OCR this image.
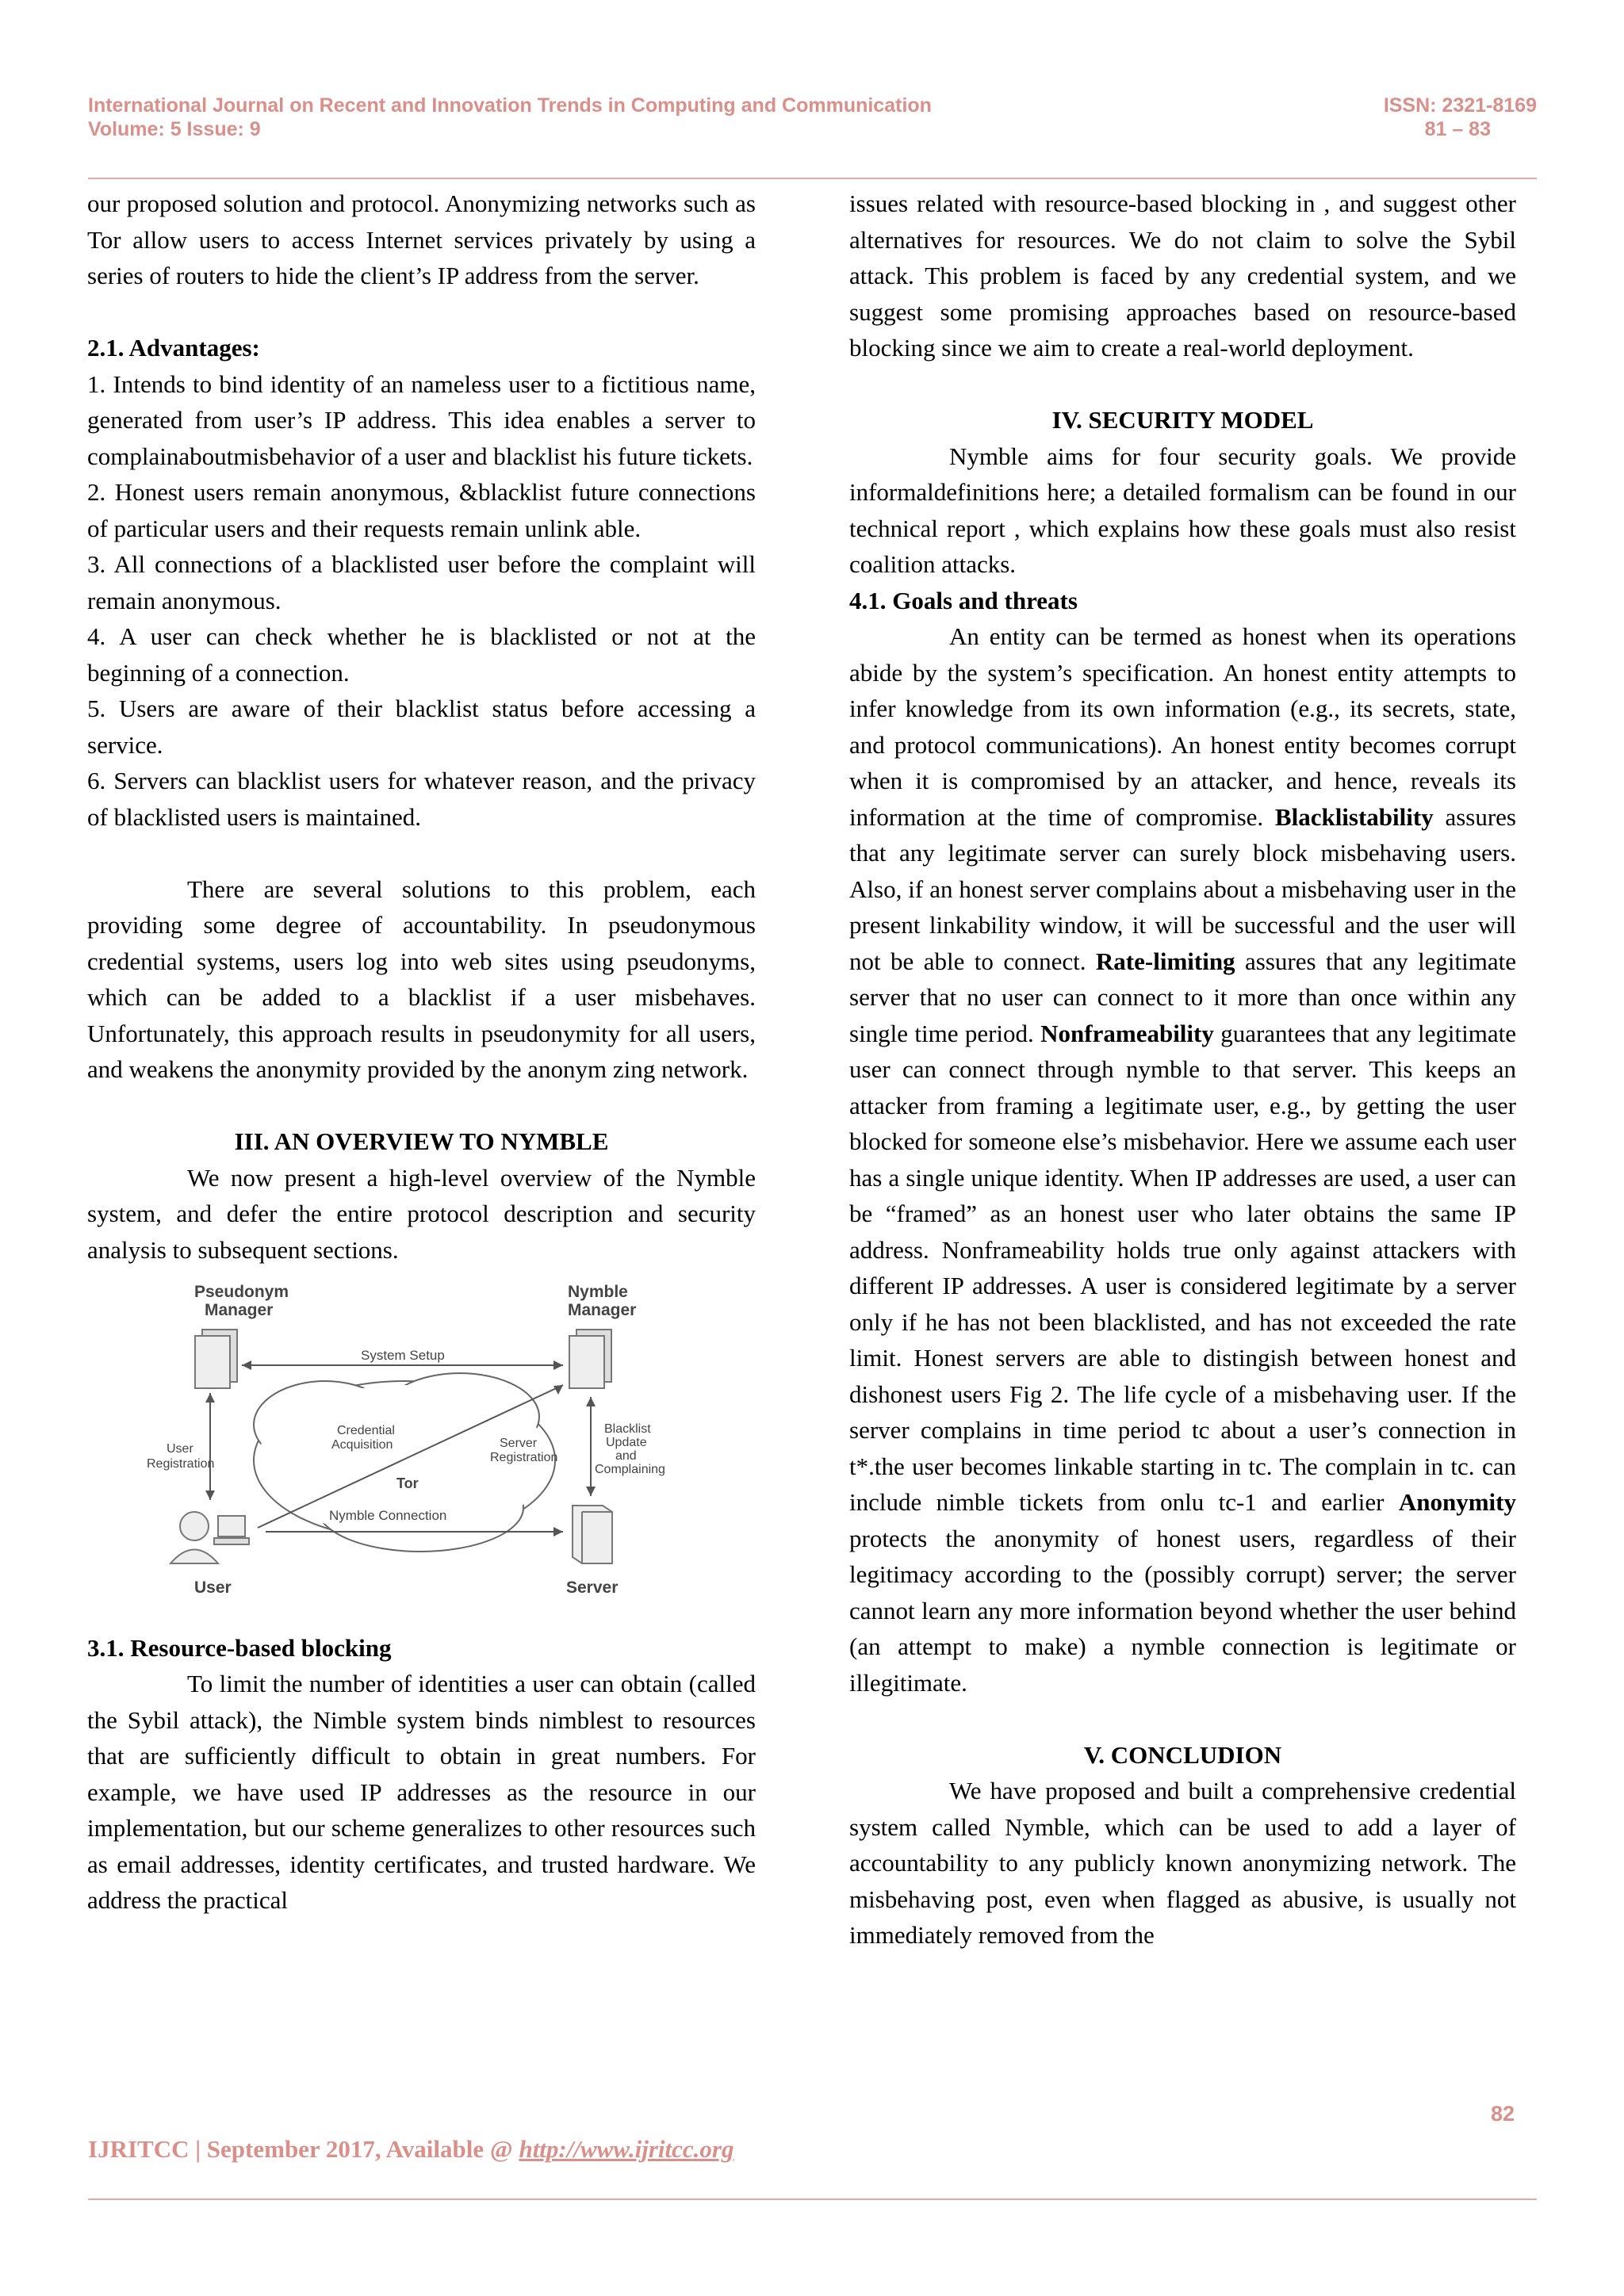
International Journal on Recent and Innovation Trends in Computing and Communication	ISSN: 2321-8169
Volume: 5 Issue: 9	81 – 83

our proposed solution and protocol. Anonymizing networks such as Tor allow users to access Internet services privately by using a series of routers to hide the client’s IP address from the server.

2.1. Advantages:

1. Intends to bind identity of an nameless user to a fictitious name, generated from user’s IP address. This idea enables a server to complainaboutmisbehavior of a user and blacklist his future tickets.

2. Honest users remain anonymous, &blacklist future connections of particular users and their requests remain unlink able.

3. All connections of a blacklisted user before the complaint will remain anonymous.

4. A user can check whether he is blacklisted or not at the beginning of a connection.

5. Users are aware of their blacklist status before accessing a service.

6. Servers can blacklist users for whatever reason, and the privacy of blacklisted users is maintained.

There are several solutions to this problem, each providing some degree of accountability. In pseudonymous credential systems, users log into web sites using pseudonyms, which can be added to a blacklist if a user misbehaves. Unfortunately, this approach results in pseudonymity for all users, and weakens the anonymity provided by the anonym zing network.

III. AN OVERVIEW TO NYMBLE

We now present a high-level overview of the Nymble system, and defer the entire protocol description and security analysis to subsequent sections.

Pseudonym
Manager
Nymble
Manager
System Setup
Credential
Acquisition
Tor
Nymble Connection
Server
Registration
User
Registration
Blacklist
Update
and
Complaining
User	Server

3.1. Resource-based blocking

To limit the number of identities a user can obtain (called the Sybil attack), the Nimble system binds nimblest to resources that are sufficiently difficult to obtain in great numbers. For example, we have used IP addresses as the resource in our implementation, but our scheme generalizes to other resources such as email addresses, identity certificates, and trusted hardware. We address the practical

issues related with resource-based blocking in , and suggest other alternatives for resources. We do not claim to solve the Sybil attack. This problem is faced by any credential system, and we suggest some promising approaches based on resource-based blocking since we aim to create a real-world deployment.

IV. SECURITY MODEL

Nymble aims for four security goals. We provide informaldefinitions here; a detailed formalism can be found in our technical report , which explains how these goals must also resist coalition attacks.

4.1. Goals and threats

An entity can be termed as honest when its operations abide by the system’s specification. An honest entity attempts to infer knowledge from its own information (e.g., its secrets, state, and protocol communications). An honest entity becomes corrupt when it is compromised by an attacker, and hence, reveals its information at the time of compromise. Blacklistability assures that any legitimate server can surely block misbehaving users. Also, if an honest server complains about a misbehaving user in the present linkability window, it will be successful and the user will not be able to connect. Rate-limiting assures that any legitimate server that no user can connect to it more than once within any single time period. Nonframeability guarantees that any legitimate user can connect through nymble to that server. This keeps an attacker from framing a legitimate user, e.g., by getting the user blocked for someone else’s misbehavior. Here we assume each user has a single unique identity. When IP addresses are used, a user can be “framed” as an honest user who later obtains the same IP address. Nonframeability holds true only against attackers with different IP addresses. A user is considered legitimate by a server only if he has not been blacklisted, and has not exceeded the rate limit. Honest servers are able to distingish between honest and dishonest users Fig 2. The life cycle of a misbehaving user. If the server complains in time period tc about a user’s connection in t*.the user becomes linkable starting in tc. The complain in tc. can include nimble tickets from onlu tc-1 and earlier Anonymity protects the anonymity of honest users, regardless of their legitimacy according to the (possibly corrupt) server; the server cannot learn any more information beyond whether the user behind (an attempt to make) a nymble connection is legitimate or illegitimate.

V. CONCLUDION

We have proposed and built a comprehensive credential system called Nymble, which can be used to add a layer of accountability to any publicly known anonymizing network. The misbehaving post, even when flagged as abusive, is usually not immediately removed from the

82
IJRITCC | September 2017, Available @ http://www.ijritcc.org
